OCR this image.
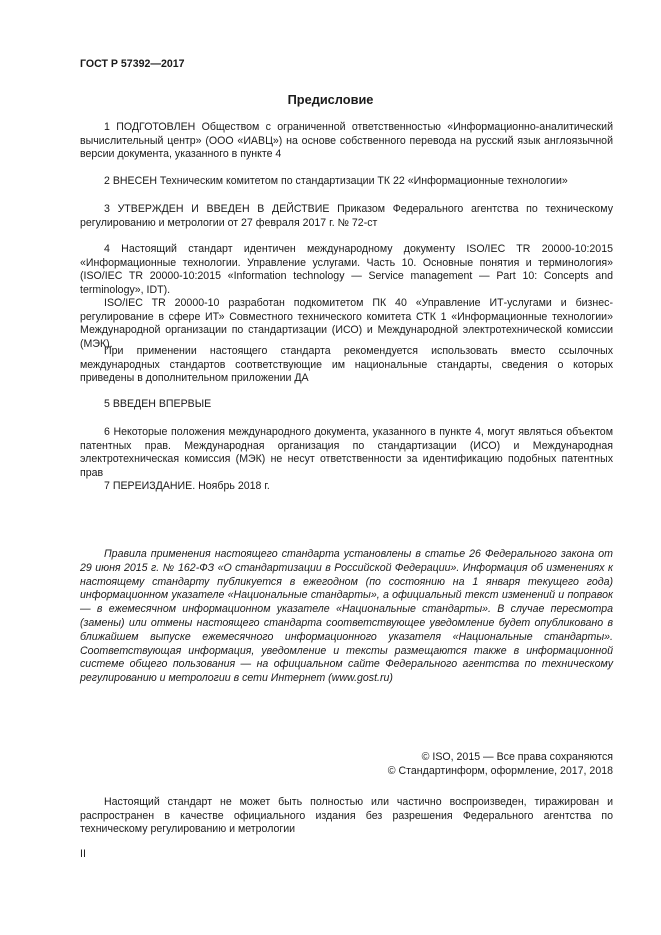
ГОСТ Р 57392—2017
Предисловие

1 ПОДГОТОВЛЕН Обществом с ограниченной ответственностью «Информационно-аналитический вычислительный центр» (ООО «ИАВЦ») на основе собственного перевода на русский язык англоязычной версии документа, указанного в пункте 4

2 ВНЕСЕН Техническим комитетом по стандартизации ТК 22 «Информационные технологии»

3 УТВЕРЖДЕН И ВВЕДЕН В ДЕЙСТВИЕ Приказом Федерального агентства по техническому регулированию и метрологии от 27 февраля 2017 г. № 72-ст

4 Настоящий стандарт идентичен международному документу ISO/IEC TR 20000-10:2015 «Информационные технологии. Управление услугами. Часть 10. Основные понятия и терминология» (ISO/IEC TR 20000-10:2015 «Information technology — Service management — Part 10: Concepts and terminology», IDT).

ISO/IEC TR 20000-10 разработан подкомитетом ПК 40 «Управление ИТ-услугами и бизнес-регулирование в сфере ИТ» Совместного технического комитета СТК 1 «Информационные технологии» Международной организации по стандартизации (ИСО) и Международной электротехнической комиссии (МЭК).

При применении настоящего стандарта рекомендуется использовать вместо ссылочных международных стандартов соответствующие им национальные стандарты, сведения о которых приведены в дополнительном приложении ДА

5 ВВЕДЕН ВПЕРВЫЕ

6 Некоторые положения международного документа, указанного в пункте 4, могут являться объектом патентных прав. Международная организация по стандартизации (ИСО) и Международная электротехническая комиссия (МЭК) не несут ответственности за идентификацию подобных патентных прав

7 ПЕРЕИЗДАНИЕ. Ноябрь 2018 г.

Правила применения настоящего стандарта установлены в статье 26 Федерального закона от 29 июня 2015 г. № 162-ФЗ «О стандартизации в Российской Федерации». Информация об изменениях к настоящему стандарту публикуется в ежегодном (по состоянию на 1 января текущего года) информационном указателе «Национальные стандарты», а официальный текст изменений и поправок — в ежемесячном информационном указателе «Национальные стандарты». В случае пересмотра (замены) или отмены настоящего стандарта соответствующее уведомление будет опубликовано в ближайшем выпуске ежемесячного информационного указателя «Национальные стандарты». Соответствующая информация, уведомление и тексты размещаются также в информационной системе общего пользования — на официальном сайте Федерального агентства по техническому регулированию и метрологии в сети Интернет (www.gost.ru)

© ISO, 2015 — Все права сохраняются

© Стандартинформ, оформление, 2017, 2018

Настоящий стандарт не может быть полностью или частично воспроизведен, тиражирован и распространен в качестве официального издания без разрешения Федерального агентства по техническому регулированию и метрологии

II
